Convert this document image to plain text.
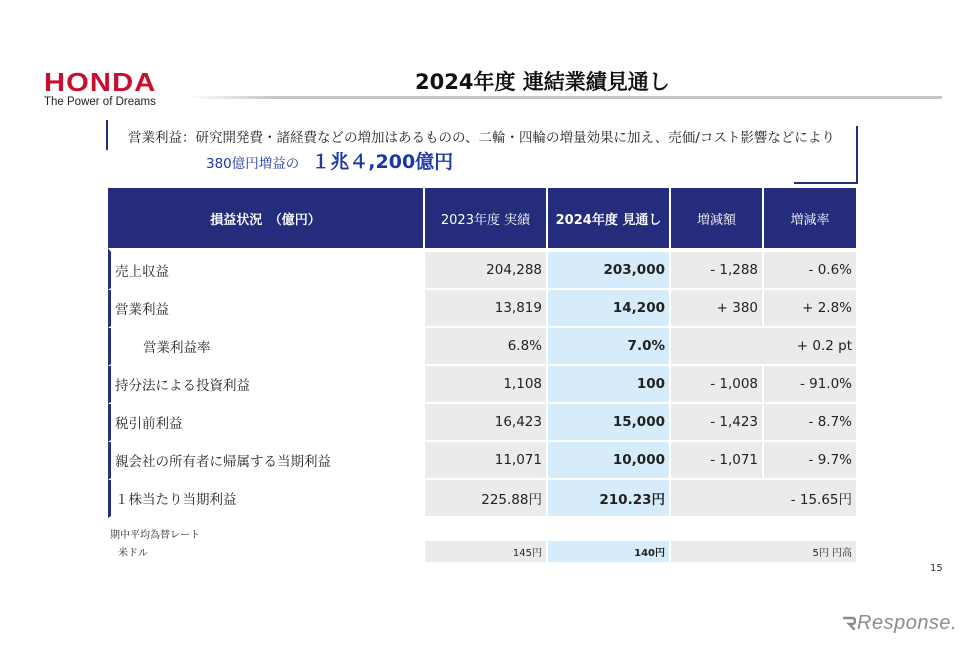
HONDA
The Power of Dreams
2024年度 連結業績見通し
営業利益：研究開発費・諸経費などの増加はあるものの、二輪・四輪の増量効果に加え、売価/コスト影響などにより
380億円増益の １兆４,200億円
損益状況　（億円）	2023年度 実績	2024年度 見通し	増減額	増減率
売上収益	204,288	203,000	- 1,288	- 0.6%
営業利益	13,819	14,200	+ 380	+ 2.8%
営業利益率	6.8%	7.0%	+ 0.2 pt	
持分法による投資利益	1,108	100	- 1,008	- 91.0%
税引前利益	16,423	15,000	- 1,423	- 8.7%
親会社の所有者に帰属する当期利益	11,071	10,000	- 1,071	- 9.7%
１株当たり当期利益	225.88円	210.23円	- 15.65円	
期中平均為替レート
米ドル	145円	140円	5円 円高
15
Response.
